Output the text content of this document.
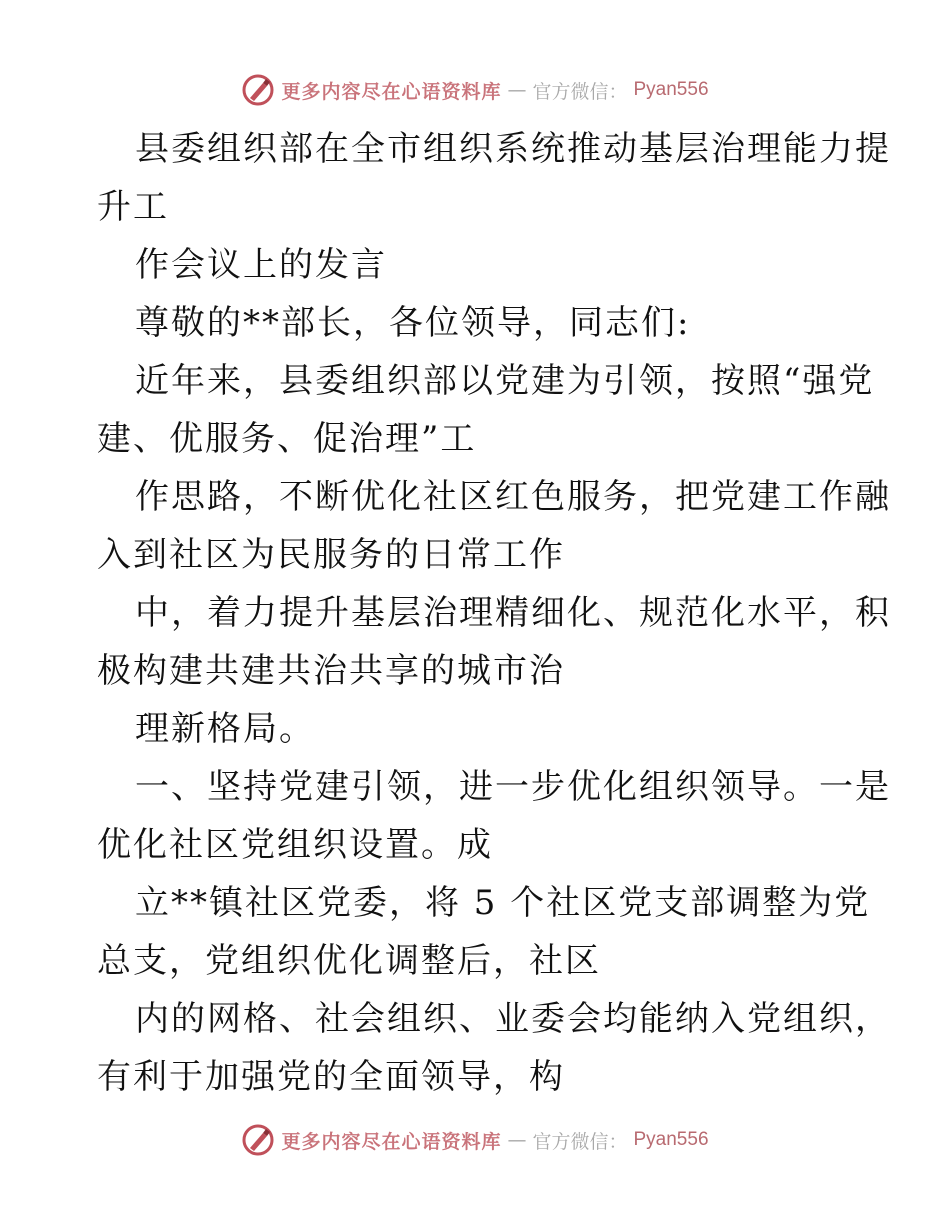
更多内容尽在心语资料库 — 官方微信： Pyan556
县委组织部在全市组织系统推动基层治理能力提
升工
作会议上的发言
尊敬的**部长，各位领导，同志们:
近年来，县委组织部以党建为引领，按照“强党
建、优服务、促治理”工
作思路，不断优化社区红色服务，把党建工作融
入到社区为民服务的日常工作
中，着力提升基层治理精细化、规范化水平，积
极构建共建共治共享的城市治
理新格局。
一、坚持党建引领，进一步优化组织领导。一是
优化社区党组织设置。成
立**镇社区党委，将 5 个社区党支部调整为党
总支，党组织优化调整后，社区
内的网格、社会组织、业委会均能纳入党组织，
有利于加强党的全面领导，构
更多内容尽在心语资料库 — 官方微信： Pyan556
